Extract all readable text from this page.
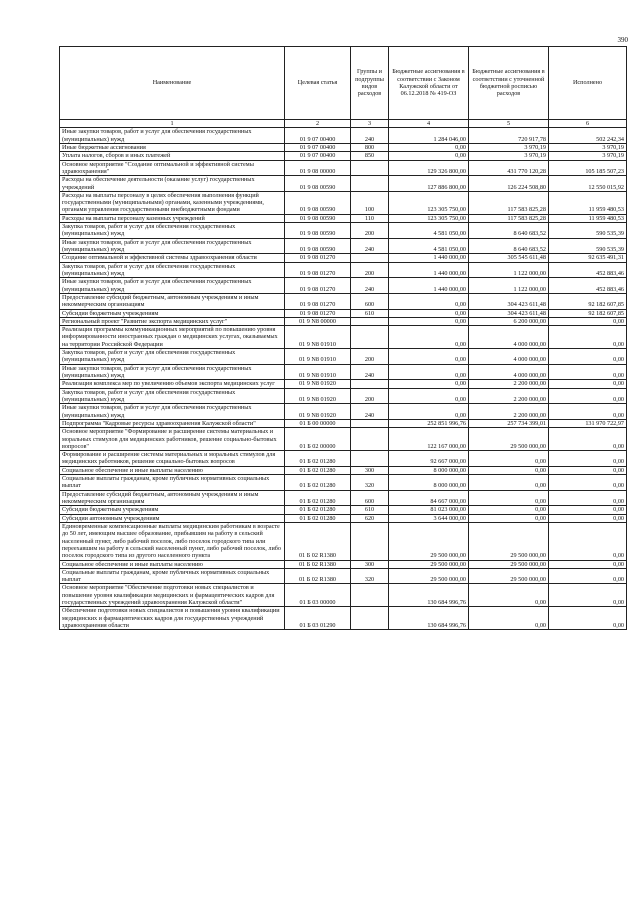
390
Наименование	Целевая статья	Группы и подгруппы видов расходов	Бюджетные ассигнования в соответствии с Законом Калужской области от 06.12.2018 № 419-ОЗ	Бюджетные ассигнования в соответствии с уточненной бюджетной росписью расходов	Исполнено
1	2	3	4	5	6
Иные закупки товаров, работ и услуг для обеспечения государственных (муниципальных) нужд	01 9 07 00400	240	1 284 046,00	720 917,78	502 242,34
Иные бюджетные ассигнования	01 9 07 00400	800	0,00	3 970,19	3 970,19
Уплата налогов, сборов и иных платежей	01 9 07 00400	850	0,00	3 970,19	3 970,19
Основное мероприятие "Создание оптимальной и эффективной системы здравоохранения"	01 9 08 00000		129 326 800,00	431 770 120,28	105 185 507,23
Расходы на обеспечение деятельности (оказание услуг) государственных учреждений	01 9 08 00590		127 886 800,00	126 224 508,80	12 550 015,92
Расходы на выплаты персоналу в целях обеспечения выполнения функций государственными (муниципальными) органами, казенными учреждениями, органами управления государственными внебюджетными фондами	01 9 08 00590	100	123 305 750,00	117 583 825,28	11 959 480,53
Расходы на выплаты персоналу казенных учреждений	01 9 08 00590	110	123 305 750,00	117 583 825,28	11 959 480,53
Закупка товаров, работ и услуг для обеспечения государственных (муниципальных) нужд	01 9 08 00590	200	4 581 050,00	8 640 683,52	590 535,39
Иные закупки товаров, работ и услуг для обеспечения государственных (муниципальных) нужд	01 9 08 00590	240	4 581 050,00	8 640 683,52	590 535,39
Создание оптимальной и эффективной системы здравоохранения области	01 9 08 01270		1 440 000,00	305 545 611,48	92 635 491,31
Закупка товаров, работ и услуг для обеспечения государственных (муниципальных) нужд	01 9 08 01270	200	1 440 000,00	1 122 000,00	452 883,46
Иные закупки товаров, работ и услуг для обеспечения государственных (муниципальных) нужд	01 9 08 01270	240	1 440 000,00	1 122 000,00	452 883,46
Предоставление субсидий бюджетным, автономным учреждениям и иным некоммерческим организациям	01 9 08 01270	600	0,00	304 423 611,48	92 182 607,85
Субсидии бюджетным учреждениям	01 9 08 01270	610	0,00	304 423 611,48	92 182 607,85
Региональный проект "Развитие экспорта медицинских услуг"	01 9 N8 00000		0,00	6 200 000,00	0,00
Реализация программы коммуникационных мероприятий по повышению уровня информированности иностранных граждан о медицинских услугах, оказываемых на территории Российской Федерации	01 9 N8 01910		0,00	4 000 000,00	0,00
Закупка товаров, работ и услуг для обеспечения государственных (муниципальных) нужд	01 9 N8 01910	200	0,00	4 000 000,00	0,00
Иные закупки товаров, работ и услуг для обеспечения государственных (муниципальных) нужд	01 9 N8 01910	240	0,00	4 000 000,00	0,00
Реализация комплекса мер по увеличению объемов экспорта медицинских услуг	01 9 N8 01920		0,00	2 200 000,00	0,00
Закупка товаров, работ и услуг для обеспечения государственных (муниципальных) нужд	01 9 N8 01920	200	0,00	2 200 000,00	0,00
Иные закупки товаров, работ и услуг для обеспечения государственных (муниципальных) нужд	01 9 N8 01920	240	0,00	2 200 000,00	0,00
Подпрограмма "Кадровые ресурсы здравоохранения Калужской области"	01 Б 00 00000		252 851 996,76	257 734 399,01	131 970 722,97
Основное мероприятие "Формирование и расширение системы материальных и моральных стимулов для медицинских работников, решение социально-бытовых вопросов"	01 Б 02 00000		122 167 000,00	29 500 000,00	0,00
Формирование и расширение системы материальных и моральных стимулов для медицинских работников, решение социально-бытовых вопросов	01 Б 02 01280		92 667 000,00	0,00	0,00
Социальное обеспечение и иные выплаты населению	01 Б 02 01280	300	8 000 000,00	0,00	0,00
Социальные выплаты гражданам, кроме публичных нормативных социальных выплат	01 Б 02 01280	320	8 000 000,00	0,00	0,00
Предоставление субсидий бюджетным, автономным учреждениям и иным некоммерческим организациям	01 Б 02 01280	600	84 667 000,00	0,00	0,00
Субсидии бюджетным учреждениям	01 Б 02 01280	610	81 023 000,00	0,00	0,00
Субсидии автономным учреждениям	01 Б 02 01280	620	3 644 000,00	0,00	0,00
Единовременные компенсационные выплаты медицинским работникам в возрасте до 50 лет, имеющим высшее образование, прибывшим на работу в сельский населенный пункт, либо рабочий поселок, либо поселок городского типа или переехавшим на работу в сельский населенный пункт, либо рабочий поселок, либо поселок городского типа из другого населенного пункта	01 Б 02 R1380		29 500 000,00	29 500 000,00	0,00
Социальное обеспечение и иные выплаты населению	01 Б 02 R1380	300	29 500 000,00	29 500 000,00	0,00
Социальные выплаты гражданам, кроме публичных нормативных социальных выплат	01 Б 02 R1380	320	29 500 000,00	29 500 000,00	0,00
Основное мероприятие "Обеспечение подготовки новых специалистов и повышение уровня квалификации медицинских и фармацевтических кадров для государственных учреждений здравоохранения Калужской области"	01 Б 03 00000		130 684 996,76	0,00	0,00
Обеспечение подготовки новых специалистов и повышения уровня квалификации медицинских и фармацевтических кадров для государственных учреждений здравоохранения области	01 Б 03 01290		130 684 996,76	0,00	0,00
